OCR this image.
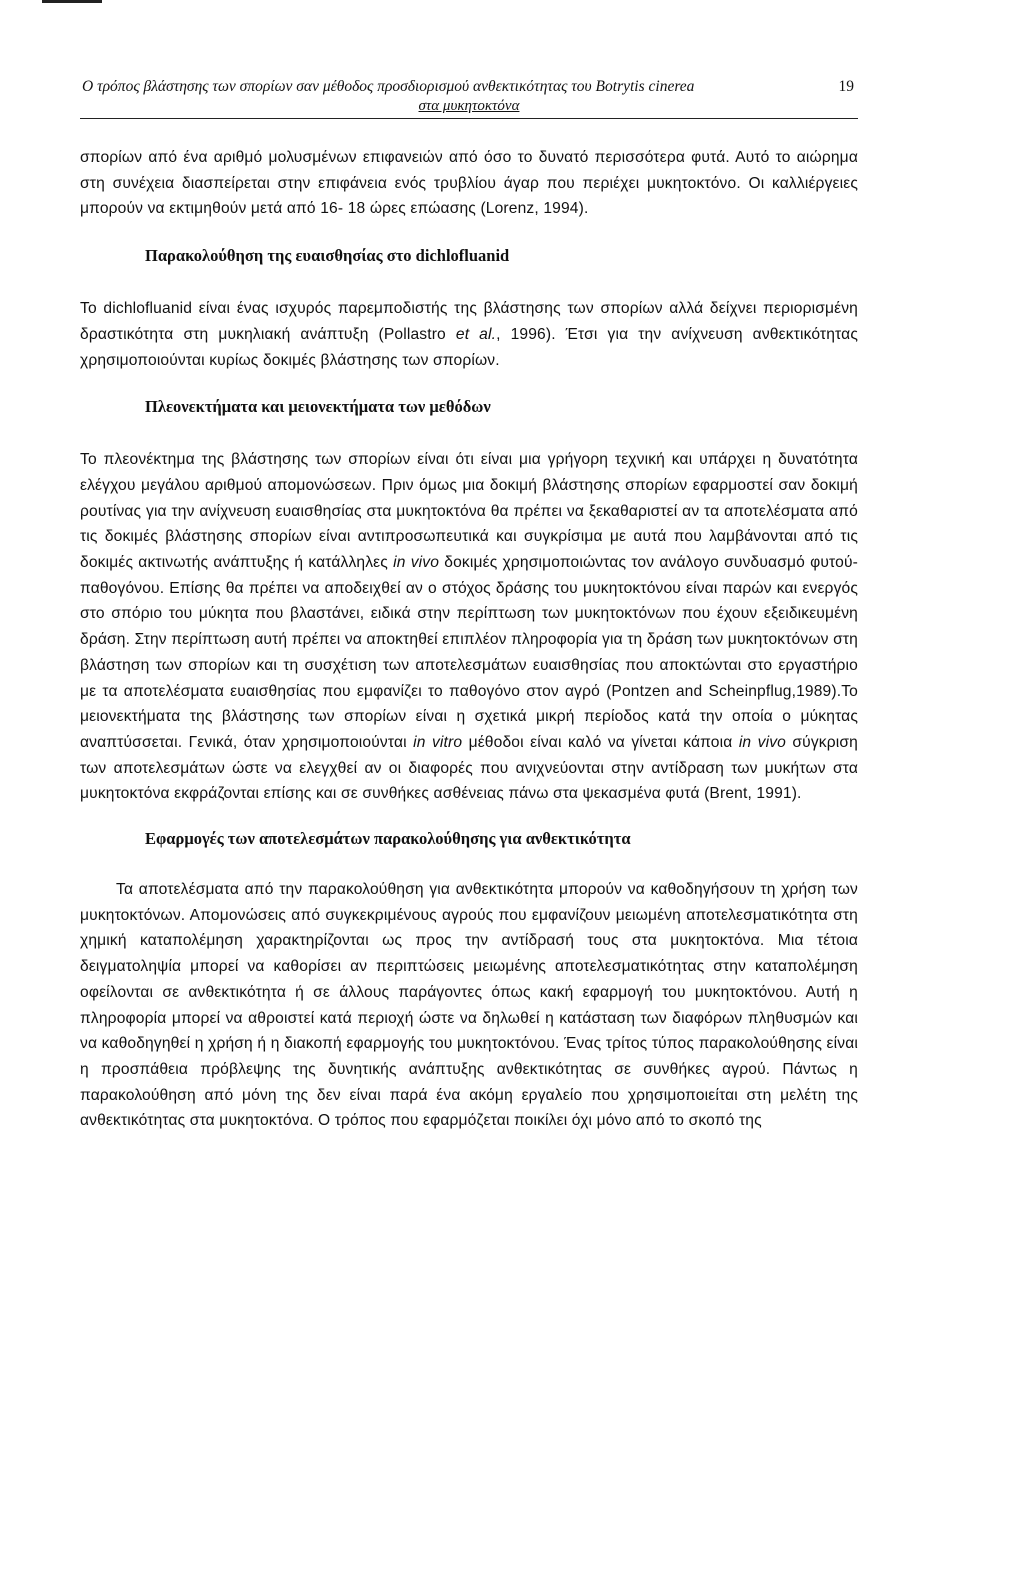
Ο τρόπος βλάστησης των σπορίων σαν μέθοδος προσδιορισμού ανθεκτικότητας του Botrytis cinerea	19
στα μυκητοκτόνα

σπορίων από ένα αριθμό μολυσμένων επιφανειών από όσο το δυνατό περισσότερα φυτά. Αυτό το αιώρημα στη συνέχεια διασπείρεται στην επιφάνεια ενός τρυβλίου άγαρ που περιέχει μυκητοκτόνο. Οι καλλιέργειες μπορούν να εκτιμηθούν μετά από 16- 18 ώρες επώασης (Lorenz, 1994).

Παρακολούθηση της ευαισθησίας στο dichlofluanid

Το dichlofluanid είναι ένας ισχυρός παρεμποδιστής της βλάστησης των σπορίων αλλά δείχνει περιορισμένη δραστικότητα στη μυκηλιακή ανάπτυξη (Pollastro et al., 1996). Έτσι για την ανίχνευση ανθεκτικότητας χρησιμοποιούνται κυρίως δοκιμές βλάστησης των σπορίων.

Πλεονεκτήματα και μειονεκτήματα των μεθόδων

Το πλεονέκτημα της βλάστησης των σπορίων είναι ότι είναι μια γρήγορη τεχνική και υπάρχει η δυνατότητα ελέγχου μεγάλου αριθμού απομονώσεων. Πριν όμως μια δοκιμή βλάστησης σπορίων εφαρμοστεί σαν δοκιμή ρουτίνας για την ανίχνευση ευαισθησίας στα μυκητοκτόνα θα πρέπει να ξεκαθαριστεί αν τα αποτελέσματα από τις δοκιμές βλάστησης σπορίων είναι αντιπροσωπευτικά και συγκρίσιμα με αυτά που λαμβάνονται από τις δοκιμές ακτινωτής ανάπτυξης ή κατάλληλες in vivo δοκιμές χρησιμοποιώντας τον ανάλογο συνδυασμό φυτού-παθογόνου. Επίσης θα πρέπει να αποδειχθεί αν ο στόχος δράσης του μυκητοκτόνου είναι παρών και ενεργός στο σπόριο του μύκητα που βλαστάνει, ειδικά στην περίπτωση των μυκητοκτόνων που έχουν εξειδικευμένη δράση. Στην περίπτωση αυτή πρέπει να αποκτηθεί επιπλέον πληροφορία για τη δράση των μυκητοκτόνων στη βλάστηση των σπορίων και τη συσχέτιση των αποτελεσμάτων ευαισθησίας που αποκτώνται στο εργαστήριο με τα αποτελέσματα ευαισθησίας που εμφανίζει το παθογόνο στον αγρό (Pontzen and Scheinpflug,1989).Το μειονεκτήματα της βλάστησης των σπορίων είναι η σχετικά μικρή περίοδος κατά την οποία ο μύκητας αναπτύσσεται. Γενικά, όταν χρησιμοποιούνται in vitro μέθοδοι είναι καλό να γίνεται κάποια in vivo σύγκριση των αποτελεσμάτων ώστε να ελεγχθεί αν οι διαφορές που ανιχνεύονται στην αντίδραση των μυκήτων στα μυκητοκτόνα εκφράζονται επίσης και σε συνθήκες ασθένειας πάνω στα ψεκασμένα φυτά (Brent, 1991).

Εφαρμογές των αποτελεσμάτων παρακολούθησης για ανθεκτικότητα

Τα αποτελέσματα από την παρακολούθηση για ανθεκτικότητα μπορούν να καθοδηγήσουν τη χρήση των μυκητοκτόνων. Απομονώσεις από συγκεκριμένους αγρούς που εμφανίζουν μειωμένη αποτελεσματικότητα στη χημική καταπολέμηση χαρακτηρίζονται ως προς την αντίδρασή τους στα μυκητοκτόνα. Μια τέτοια δειγματοληψία μπορεί να καθορίσει αν περιπτώσεις μειωμένης αποτελεσματικότητας στην καταπολέμηση οφείλονται σε ανθεκτικότητα ή σε άλλους παράγοντες όπως κακή εφαρμογή του μυκητοκτόνου. Αυτή η πληροφορία μπορεί να αθροιστεί κατά περιοχή ώστε να δηλωθεί η κατάσταση των διαφόρων πληθυσμών και να καθοδηγηθεί η χρήση ή η διακοπή εφαρμογής του μυκητοκτόνου. Ένας τρίτος τύπος παρακολούθησης είναι η προσπάθεια πρόβλεψης της δυνητικής ανάπτυξης ανθεκτικότητας σε συνθήκες αγρού. Πάντως η παρακολούθηση από μόνη της δεν είναι παρά ένα ακόμη εργαλείο που χρησιμοποιείται στη μελέτη της ανθεκτικότητας στα μυκητοκτόνα. Ο τρόπος που εφαρμόζεται ποικίλει όχι μόνο από το σκοπό της
